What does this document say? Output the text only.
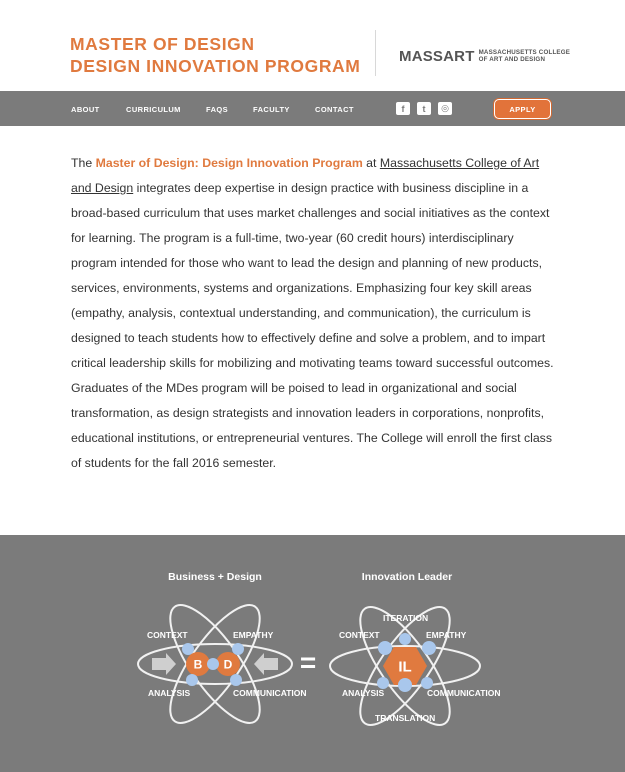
MASTER OF DESIGN
DESIGN INNOVATION PROGRAM	MASSART MASSACHUSETTS COLLEGE
OF ART AND DESIGN
ABOUT	CURRICULUM	FAQS	FACULTY	CONTACT	f	t	◎	APPLY
The Master of Design: Design Innovation Program at Massachusetts College of Art and Design integrates deep expertise in design practice with business discipline in a broad-based curriculum that uses market challenges and social initiatives as the context for learning. The program is a full-time, two-year (60 credit hours) interdisciplinary program intended for those who want to lead the design and planning of new products, services, environments, systems and organizations. Emphasizing four key skill areas (empathy, analysis, contextual understanding, and communication), the curriculum is designed to teach students how to effectively define and solve a problem, and to impart critical leadership skills for mobilizing and motivating teams toward successful outcomes. Graduates of the MDes program will be poised to lead in organizational and social transformation, as design strategists and innovation leaders in corporations, nonprofits, educational institutions, or entrepreneurial ventures. The College will enroll the first class of students for the fall 2016 semester.
Business + Design
B D
CONTEXT	EMPATHY
ANALYSIS	COMMUNICATION
=
Innovation Leader
IL
ITERATION
CONTEXT	EMPATHY
ANALYSIS	COMMUNICATION
TRANSLATION
